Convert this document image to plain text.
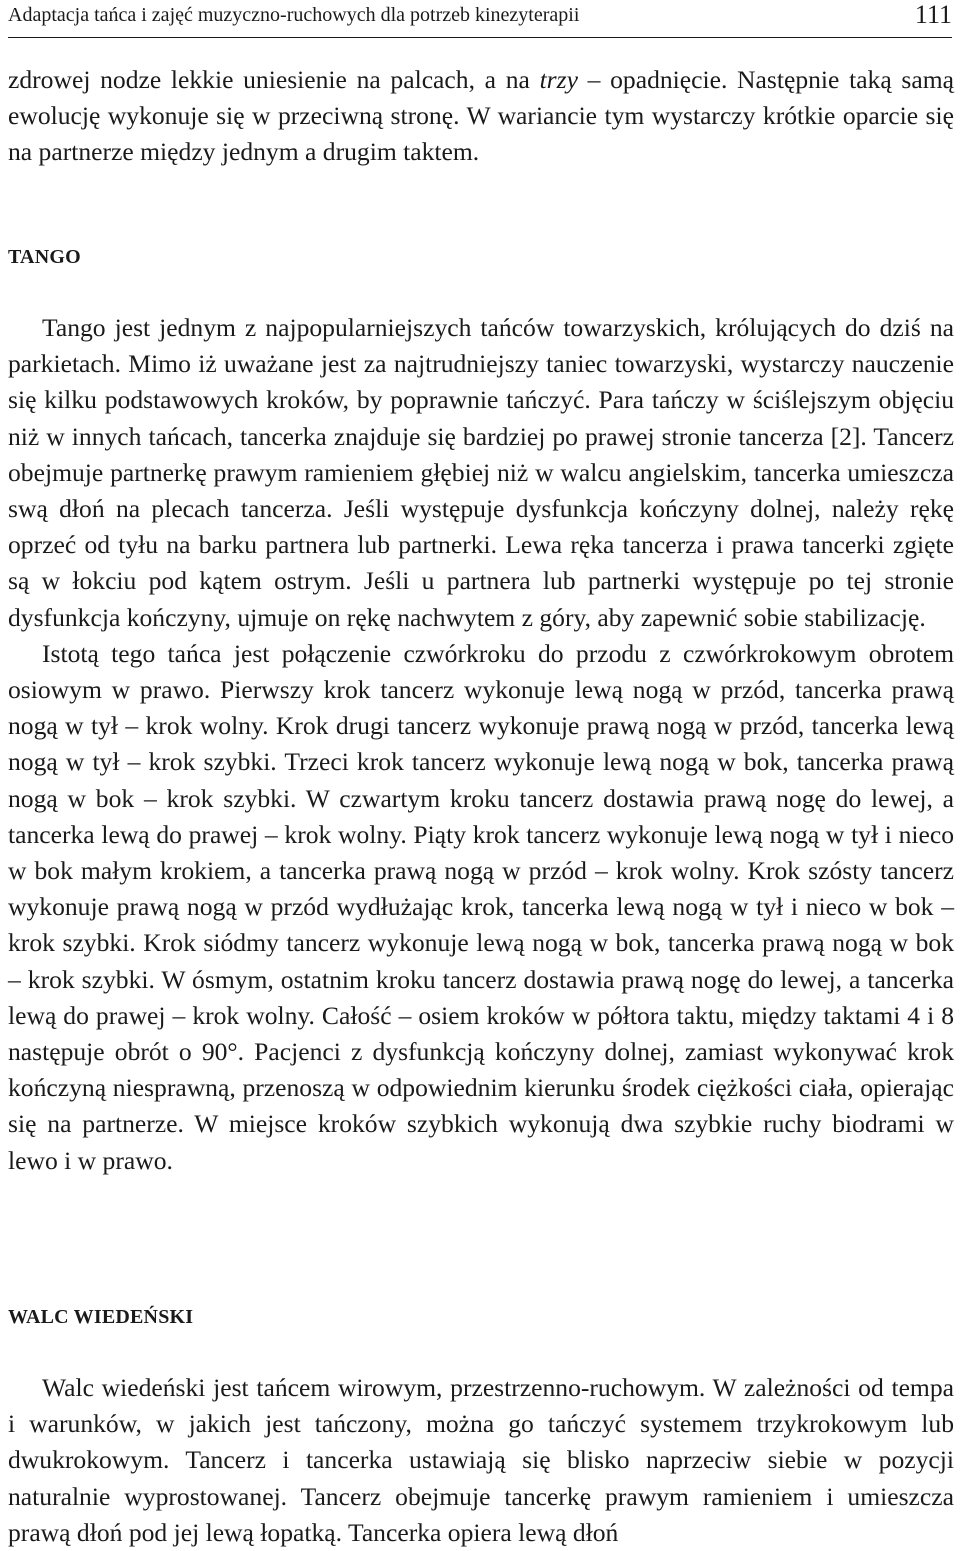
Adaptacja tańca i zajęć muzyczno-ruchowych dla potrzeb kinezyterapii	111

zdrowej nodze lekkie uniesienie na palcach, a na trzy – opadnięcie. Następnie taką samą ewolucję wykonuje się w przeciwną stronę. W wariancie tym wystarczy krótkie oparcie się na partnerze między jednym a drugim taktem.

TANGO

Tango jest jednym z najpopularniejszych tańców towarzyskich, królujących do dziś na parkietach. Mimo iż uważane jest za najtrudniejszy taniec towarzyski, wystarczy nauczenie się kilku podstawowych kroków, by poprawnie tańczyć. Para tańczy w ściślejszym objęciu niż w innych tańcach, tancerka znajduje się bardziej po prawej stronie tancerza [2]. Tancerz obejmuje partnerkę prawym ramieniem głębiej niż w walcu angielskim, tancerka umieszcza swą dłoń na plecach tancerza. Jeśli występuje dysfunkcja kończyny dolnej, należy rękę oprzeć od tyłu na barku partnera lub partnerki. Lewa ręka tancerza i prawa tancerki zgięte są w łokciu pod kątem ostrym. Jeśli u partnera lub partnerki występuje po tej stronie dysfunkcja kończyny, ujmuje on rękę nachwytem z góry, aby zapewnić sobie stabilizację.

Istotą tego tańca jest połączenie czwórkroku do przodu z czwórkrokowym obrotem osiowym w prawo. Pierwszy krok tancerz wykonuje lewą nogą w przód, tancerka prawą nogą w tył – krok wolny. Krok drugi tancerz wykonuje prawą nogą w przód, tancerka lewą nogą w tył – krok szybki. Trzeci krok tancerz wykonuje lewą nogą w bok, tancerka prawą nogą w bok – krok szybki. W czwartym kroku tancerz dostawia prawą nogę do lewej, a tancerka lewą do prawej – krok wolny. Piąty krok tancerz wykonuje lewą nogą w tył i nieco w bok małym krokiem, a tancerka prawą nogą w przód – krok wolny. Krok szósty tancerz wykonuje prawą nogą w przód wydłużając krok, tancerka lewą nogą w tył i nieco w bok – krok szybki. Krok siódmy tancerz wykonuje lewą nogą w bok, tancerka prawą nogą w bok – krok szybki. W ósmym, ostatnim kroku tancerz dostawia prawą nogę do lewej, a tancerka lewą do prawej – krok wolny. Całość – osiem kroków w półtora taktu, między taktami 4 i 8 następuje obrót o 90°. Pacjenci z dysfunkcją kończyny dolnej, zamiast wykonywać krok kończyną niesprawną, przenoszą w odpowiednim kierunku środek ciężkości ciała, opierając się na partnerze. W miejsce kroków szybkich wykonują dwa szybkie ruchy biodrami w lewo i w prawo.

WALC WIEDEŃSKI

Walc wiedeński jest tańcem wirowym, przestrzenno-ruchowym. W zależności od tempa i warunków, w jakich jest tańczony, można go tańczyć systemem trzykrokowym lub dwukrokowym. Tancerz i tancerka ustawiają się blisko naprzeciw siebie w pozycji naturalnie wyprostowanej. Tancerz obejmuje tancerkę prawym ramieniem i umieszcza prawą dłoń pod jej lewą łopatką. Tancerka opiera lewą dłoń
